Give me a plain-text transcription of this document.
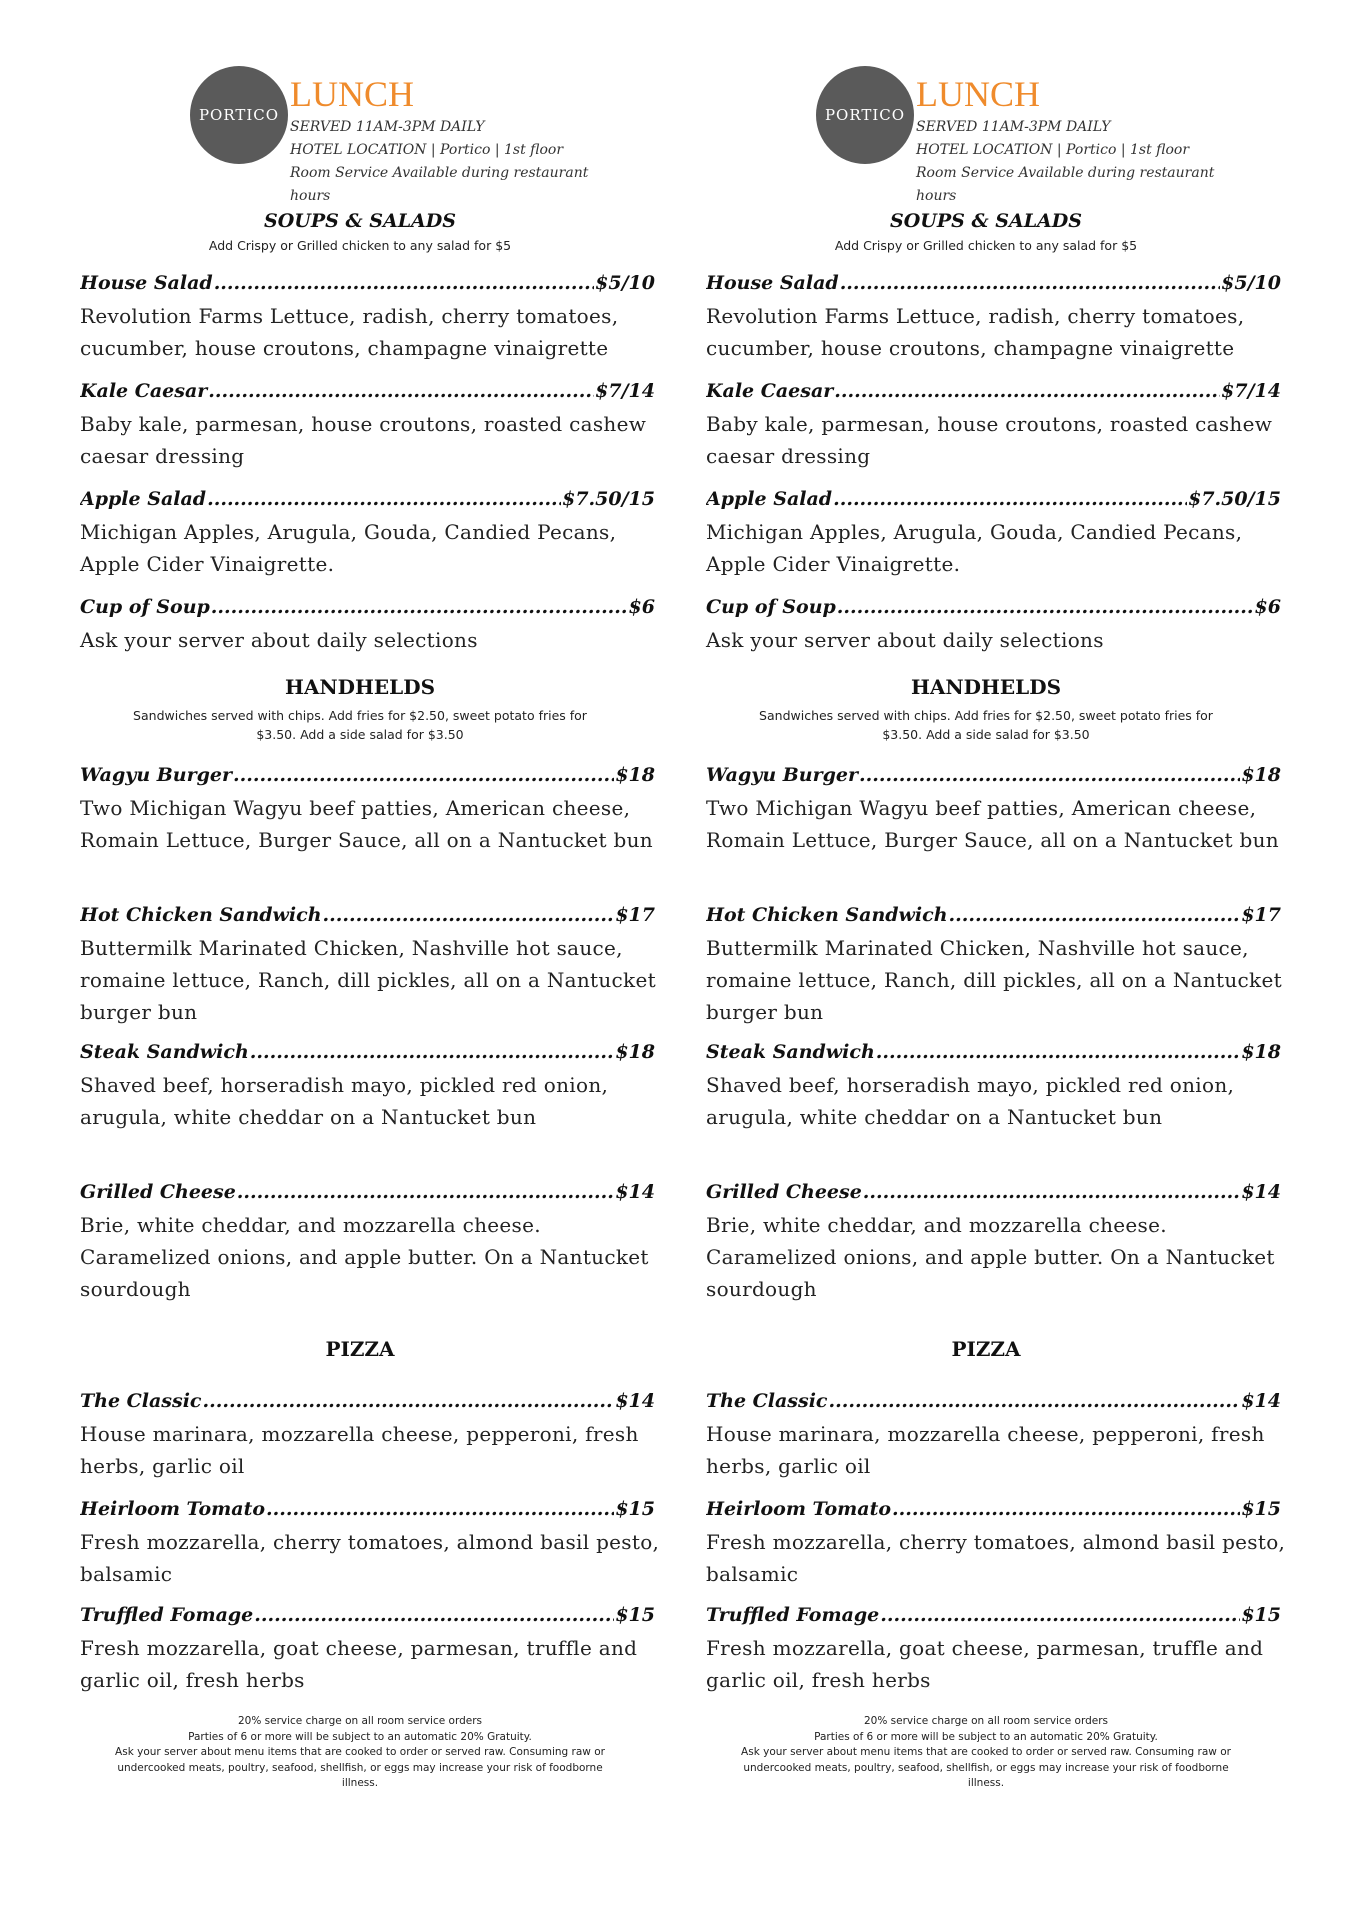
PORTICO
LUNCH
SERVED 11AM-3PM DAILY
HOTEL LOCATION | Portico | 1st floor
Room Service Available during restaurant
hours
SOUPS & SALADS
Add Crispy or Grilled chicken to any salad for $5
House Salad .....	$5/10
Revolution Farms Lettuce, radish, cherry tomatoes, cucumber, house croutons, champagne vinaigrette
Kale Caesar .....	$7/14
Baby kale, parmesan, house croutons, roasted cashew caesar dressing
Apple Salad .....	$7.50/15
Michigan Apples, Arugula, Gouda, Candied Pecans, Apple Cider Vinaigrette.
Cup of Soup .....	$6
Ask your server about daily selections
HANDHELDS
Sandwiches served with chips. Add fries for $2.50, sweet potato fries for $3.50. Add a side salad for $3.50
Wagyu Burger .....	$18
Two Michigan Wagyu beef patties, American cheese, Romain Lettuce, Burger Sauce, all on a Nantucket bun
Hot Chicken Sandwich .....	$17
Buttermilk Marinated Chicken, Nashville hot sauce, romaine lettuce, Ranch, dill pickles, all on a Nantucket burger bun
Steak Sandwich .....	$18
Shaved beef, horseradish mayo, pickled red onion, arugula, white cheddar on a Nantucket bun
Grilled Cheese .....	$14
Brie, white cheddar, and mozzarella cheese. Caramelized onions, and apple butter. On a Nantucket sourdough
PIZZA
The Classic .....	$14
House marinara, mozzarella cheese, pepperoni, fresh herbs, garlic oil
Heirloom Tomato .....	$15
Fresh mozzarella, cherry tomatoes, almond basil pesto, balsamic
Truffled Fomage .....	$15
Fresh mozzarella, goat cheese, parmesan, truffle and garlic oil, fresh herbs
20% service charge on all room service orders
Parties of 6 or more will be subject to an automatic 20% Gratuity.
Ask your server about menu items that are cooked to order or served raw. Consuming raw or undercooked meats, poultry, seafood, shellfish, or eggs may increase your risk of foodborne illness.
PORTICO
LUNCH
SERVED 11AM-3PM DAILY
HOTEL LOCATION | Portico | 1st floor
Room Service Available during restaurant
hours
SOUPS & SALADS
Add Crispy or Grilled chicken to any salad for $5
House Salad .....	$5/10
Revolution Farms Lettuce, radish, cherry tomatoes, cucumber, house croutons, champagne vinaigrette
Kale Caesar .....	$7/14
Baby kale, parmesan, house croutons, roasted cashew caesar dressing
Apple Salad .....	$7.50/15
Michigan Apples, Arugula, Gouda, Candied Pecans, Apple Cider Vinaigrette.
Cup of Soup .....	$6
Ask your server about daily selections
HANDHELDS
Sandwiches served with chips. Add fries for $2.50, sweet potato fries for $3.50. Add a side salad for $3.50
Wagyu Burger .....	$18
Two Michigan Wagyu beef patties, American cheese, Romain Lettuce, Burger Sauce, all on a Nantucket bun
Hot Chicken Sandwich .....	$17
Buttermilk Marinated Chicken, Nashville hot sauce, romaine lettuce, Ranch, dill pickles, all on a Nantucket burger bun
Steak Sandwich .....	$18
Shaved beef, horseradish mayo, pickled red onion, arugula, white cheddar on a Nantucket bun
Grilled Cheese .....	$14
Brie, white cheddar, and mozzarella cheese. Caramelized onions, and apple butter. On a Nantucket sourdough
PIZZA
The Classic .....	$14
House marinara, mozzarella cheese, pepperoni, fresh herbs, garlic oil
Heirloom Tomato .....	$15
Fresh mozzarella, cherry tomatoes, almond basil pesto, balsamic
Truffled Fomage .....	$15
Fresh mozzarella, goat cheese, parmesan, truffle and garlic oil, fresh herbs
20% service charge on all room service orders
Parties of 6 or more will be subject to an automatic 20% Gratuity.
Ask your server about menu items that are cooked to order or served raw. Consuming raw or undercooked meats, poultry, seafood, shellfish, or eggs may increase your risk of foodborne illness.
